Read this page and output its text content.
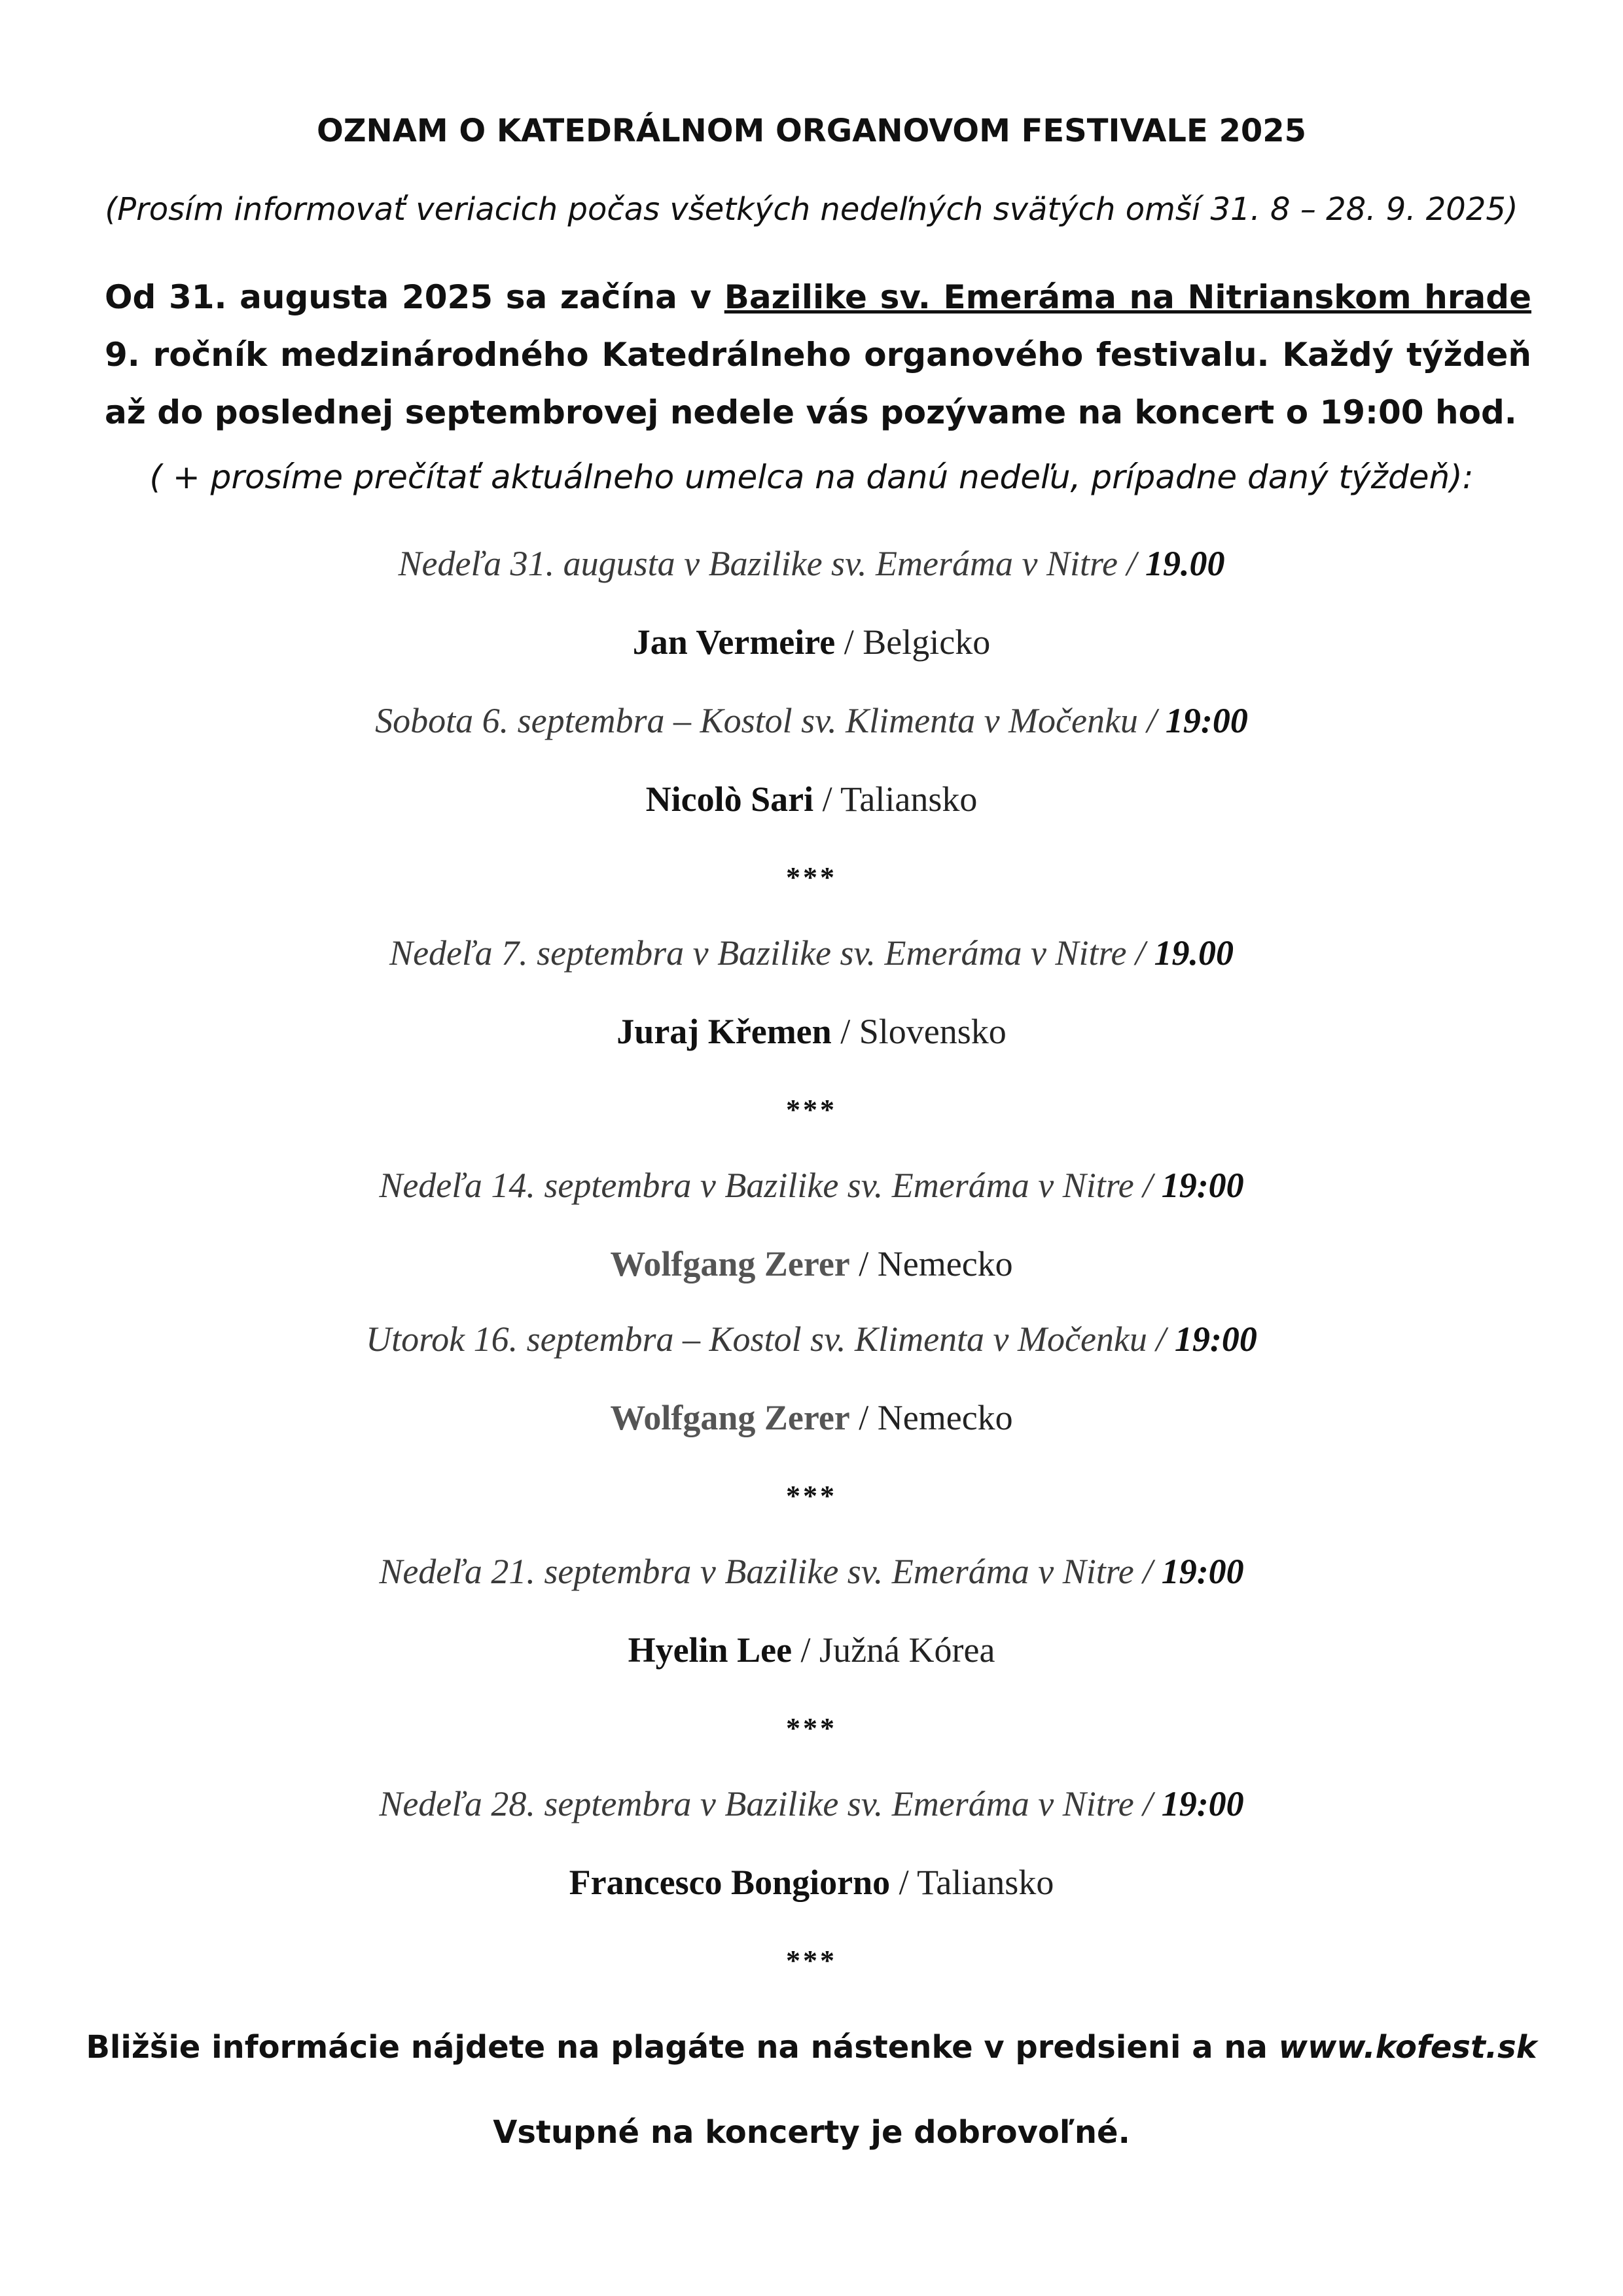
OZNAM O KATEDRÁLNOM ORGANOVOM FESTIVALE 2025
(Prosím informovať veriacich počas všetkých nedeľných svätých omší 31. 8 – 28. 9. 2025)
Od 31. augusta 2025 sa začína v Bazilike sv. Emeráma na Nitrianskom hrade 9. ročník medzinárodného Katedrálneho organového festivalu. Každý týždeň až do poslednej septembrovej nedele vás pozývame na koncert o 19:00 hod.
( + prosíme prečítať aktuálneho umelca na danú nedeľu, prípadne daný týždeň):
Nedeľa 31. augusta v Bazilike sv. Emeráma v Nitre / 19.00
Jan Vermeire / Belgicko
Sobota 6. septembra – Kostol sv. Klimenta v Močenku / 19:00
Nicolò Sari / Taliansko
***
Nedeľa 7. septembra v Bazilike sv. Emeráma v Nitre / 19.00
Juraj Křemen / Slovensko
***
Nedeľa 14. septembra v Bazilike sv. Emeráma v Nitre / 19:00
Wolfgang Zerer / Nemecko
Utorok 16. septembra – Kostol sv. Klimenta v Močenku / 19:00
Wolfgang Zerer / Nemecko
***
Nedeľa 21. septembra v Bazilike sv. Emeráma v Nitre / 19:00
Hyelin Lee / Južná Kórea
***
Nedeľa 28. septembra v Bazilike sv. Emeráma v Nitre / 19:00
Francesco Bongiorno / Taliansko
***
Bližšie informácie nájdete na plagáte na nástenke v predsieni a na www.kofest.sk
Vstupné na koncerty je dobrovoľné.
